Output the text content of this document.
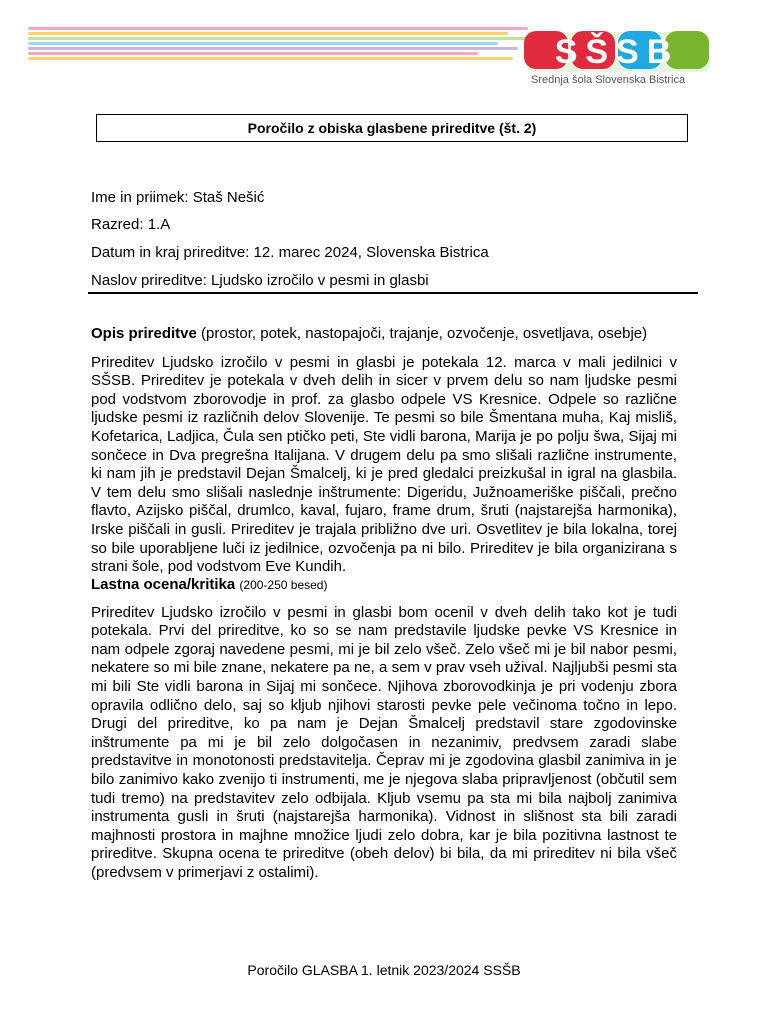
SŠSB
Srednja šola Slovenska Bistrica
Poročilo z obiska glasbene prireditve (št. 2)
Ime in priimek: Staš Nešić
Razred: 1.A
Datum in kraj prireditve: 12. marec 2024, Slovenska Bistrica
Naslov prireditve: Ljudsko izročilo v pesmi in glasbi

Opis prireditve (prostor, potek, nastopajoči, trajanje, ozvočenje, osvetljava, osebje)

Prireditev Ljudsko izročilo v pesmi in glasbi je potekala 12. marca v mali jedilnici v SŠSB. Prireditev je potekala v dveh delih in sicer v prvem delu so nam ljudske pesmi pod vodstvom zborovodje in prof. za glasbo odpele VS Kresnice. Odpele so različne ljudske pesmi iz različnih delov Slovenije. Te pesmi so bile Šmentana muha, Kaj misliš, Kofetarica, Ladjica, Čula sen ptičko peti, Ste vidli barona, Marija je po polju šwa, Sijaj mi sončece in Dva pregrešna Italijana. V drugem delu pa smo slišali različne instrumente, ki nam jih je predstavil Dejan Šmalcelj, ki je pred gledalci preizkušal in igral na glasbila. V tem delu smo slišali naslednje inštrumente: Digeridu, Južnoameriške piščali, prečno flavto, Azijsko piščal, drumlco, kaval, fujaro, frame drum, šruti (najstarejša harmonika), Irske piščali in gusli. Prireditev je trajala približno dve uri. Osvetlitev je bila lokalna, torej so bile uporabljene luči iz jedilnice, ozvočenja pa ni bilo. Prireditev je bila organizirana s strani šole, pod vodstvom Eve Kundih.

Lastna ocena/kritika (200-250 besed)

Prireditev Ljudsko izročilo v pesmi in glasbi bom ocenil v dveh delih tako kot je tudi potekala. Prvi del prireditve, ko so se nam predstavile ljudske pevke VS Kresnice in nam odpele zgoraj navedene pesmi, mi je bil zelo všeč. Zelo všeč mi je bil nabor pesmi, nekatere so mi bile znane, nekatere pa ne, a sem v prav vseh užival. Najljubši pesmi sta mi bili Ste vidli barona in Sijaj mi sončece. Njihova zborovodkinja je pri vodenju zbora opravila odlično delo, saj so kljub njihovi starosti pevke pele večinoma točno in lepo. Drugi del prireditve, ko pa nam je Dejan Šmalcelj predstavil stare zgodovinske inštrumente pa mi je bil zelo dolgočasen in nezanimiv, predvsem zaradi slabe predstavitve in monotonosti predstavitelja. Čeprav mi je zgodovina glasbil zanimiva in je bilo zanimivo kako zvenijo ti instrumenti, me je njegova slaba pripravljenost (občutil sem tudi tremo) na predstavitev zelo odbijala. Kljub vsemu pa sta mi bila najbolj zanimiva instrumenta gusli in šruti (najstarejša harmonika). Vidnost in slišnost sta bili zaradi majhnosti prostora in majhne množice ljudi zelo dobra, kar je bila pozitivna lastnost te prireditve. Skupna ocena te prireditve (obeh delov) bi bila, da mi prireditev ni bila všeč (predvsem v primerjavi z ostalimi).

Poročilo GLASBA 1. letnik 2023/2024 SSŠB
